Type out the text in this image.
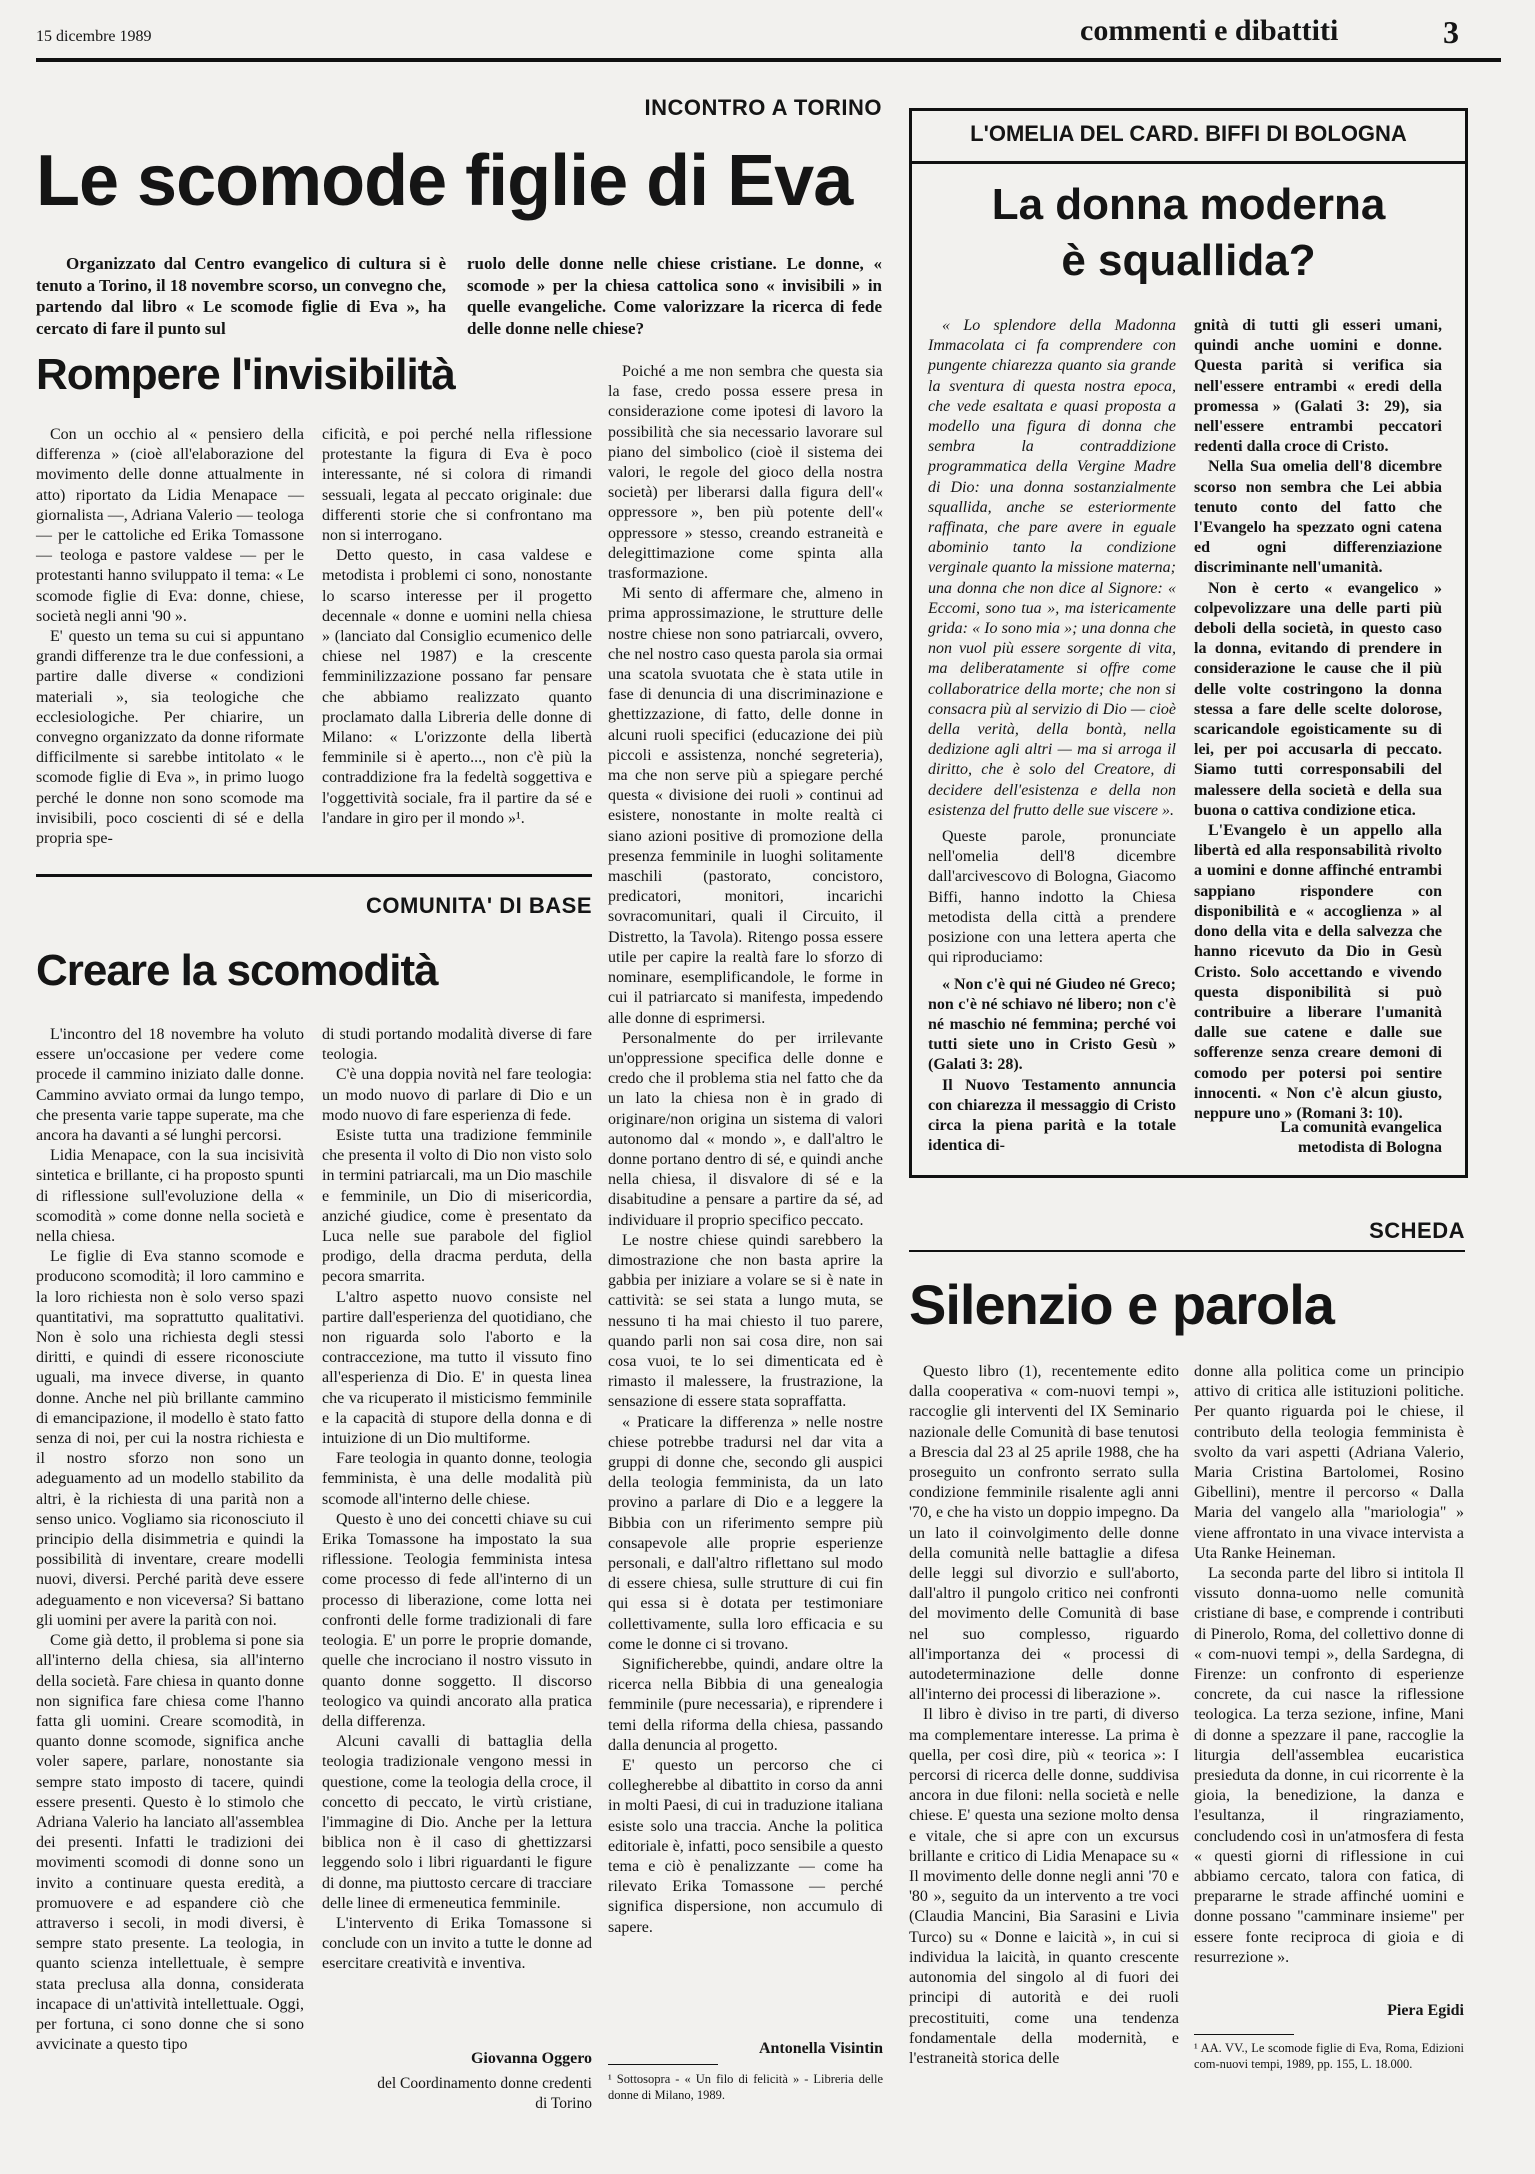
15 dicembre 1989	commenti e dibattiti	3
INCONTRO A TORINO
Le scomode figlie di Eva
Organizzato dal Centro evangelico di cultura si è tenuto a Torino, il 18 novembre scorso, un convegno che, partendo dal libro « Le scomode figlie di Eva », ha cercato di fare il punto sul
ruolo delle donne nelle chiese cristiane. Le donne, « scomode » per la chiesa cattolica sono « invisibili » in quelle evangeliche. Come valorizzare la ricerca di fede delle donne nelle chiese?
Rompere l'invisibilità

Con un occhio al « pensiero della differenza » (cioè all'elaborazione del movimento delle donne attualmente in atto) riportato da Lidia Menapace — giornalista —, Adriana Valerio — teologa — per le cattoliche ed Erika Tomassone — teologa e pastore valdese — per le protestanti hanno sviluppato il tema: « Le scomode figlie di Eva: donne, chiese, società negli anni '90 ».

E' questo un tema su cui si appuntano grandi differenze tra le due confessioni, a partire dalle diverse « condizioni materiali », sia teologiche che ecclesiologiche. Per chiarire, un convegno organizzato da donne riformate difficilmente si sarebbe intitolato « le scomode figlie di Eva », in primo luogo perché le donne non sono scomode ma invisibili, poco coscienti di sé e della propria spe-

cificità, e poi perché nella riflessione protestante la figura di Eva è poco interessante, né si colora di rimandi sessuali, legata al peccato originale: due differenti storie che si confrontano ma non si interrogano.

Detto questo, in casa valdese e metodista i problemi ci sono, nonostante lo scarso interesse per il progetto decennale « donne e uomini nella chiesa » (lanciato dal Consiglio ecumenico delle chiese nel 1987) e la crescente femminilizzazione possano far pensare che abbiamo realizzato quanto proclamato dalla Libreria delle donne di Milano: « L'orizzonte della libertà femminile si è aperto..., non c'è più la contraddizione fra la fedeltà soggettiva e l'oggettività sociale, fra il partire da sé e l'andare in giro per il mondo »¹.

Poiché a me non sembra che questa sia la fase, credo possa essere presa in considerazione come ipotesi di lavoro la possibilità che sia necessario lavorare sul piano del simbolico (cioè il sistema dei valori, le regole del gioco della nostra società) per liberarsi dalla figura dell'« oppressore », ben più potente dell'« oppressore » stesso, creando estraneità e delegittimazione come spinta alla trasformazione.

Mi sento di affermare che, almeno in prima approssimazione, le strutture delle nostre chiese non sono patriarcali, ovvero, che nel nostro caso questa parola sia ormai una scatola svuotata che è stata utile in fase di denuncia di una discriminazione e ghettizzazione, di fatto, delle donne in alcuni ruoli specifici (educazione dei più piccoli e assistenza, nonché segreteria), ma che non serve più a spiegare perché questa « divisione dei ruoli » continui ad esistere, nonostante in molte realtà ci siano azioni positive di promozione della presenza femminile in luoghi solitamente maschili (pastorato, concistoro, predicatori, monitori, incarichi sovracomunitari, quali il Circuito, il Distretto, la Tavola). Ritengo possa essere utile per capire la realtà fare lo sforzo di nominare, esemplificandole, le forme in cui il patriarcato si manifesta, impedendo alle donne di esprimersi.

Personalmente do per irrilevante un'oppressione specifica delle donne e credo che il problema stia nel fatto che da un lato la chiesa non è in grado di originare/non origina un sistema di valori autonomo dal « mondo », e dall'altro le donne portano dentro di sé, e quindi anche nella chiesa, il disvalore di sé e la disabitudine a pensare a partire da sé, ad individuare il proprio specifico peccato.

Le nostre chiese quindi sarebbero la dimostrazione che non basta aprire la gabbia per iniziare a volare se si è nate in cattività: se sei stata a lungo muta, se nessuno ti ha mai chiesto il tuo parere, quando parli non sai cosa dire, non sai cosa vuoi, te lo sei dimenticata ed è rimasto il malessere, la frustrazione, la sensazione di essere stata sopraffatta.

« Praticare la differenza » nelle nostre chiese potrebbe tradursi nel dar vita a gruppi di donne che, secondo gli auspici della teologia femminista, da un lato provino a parlare di Dio e a leggere la Bibbia con un riferimento sempre più consapevole alle proprie esperienze personali, e dall'altro riflettano sul modo di essere chiesa, sulle strutture di cui fin qui essa si è dotata per testimoniare collettivamente, sulla loro efficacia e su come le donne ci si trovano.

Significherebbe, quindi, andare oltre la ricerca nella Bibbia di una genealogia femminile (pure necessaria), e riprendere i temi della riforma della chiesa, passando dalla denuncia al progetto.

E' questo un percorso che ci collegherebbe al dibattito in corso da anni in molti Paesi, di cui in traduzione italiana esiste solo una traccia. Anche la politica editoriale è, infatti, poco sensibile a questo tema e ciò è penalizzante — come ha rilevato Erika Tomassone — perché significa dispersione, non accumulo di sapere.

Antonella Visintin
¹ Sottosopra - « Un filo di felicità » - Libreria delle donne di Milano, 1989.
COMUNITA' DI BASE
Creare la scomodità

L'incontro del 18 novembre ha voluto essere un'occasione per vedere come procede il cammino iniziato dalle donne. Cammino avviato ormai da lungo tempo, che presenta varie tappe superate, ma che ancora ha davanti a sé lunghi percorsi.

Lidia Menapace, con la sua incisività sintetica e brillante, ci ha proposto spunti di riflessione sull'evoluzione della « scomodità » come donne nella società e nella chiesa.

Le figlie di Eva stanno scomode e producono scomodità; il loro cammino e la loro richiesta non è solo verso spazi quantitativi, ma soprattutto qualitativi. Non è solo una richiesta degli stessi diritti, e quindi di essere riconosciute uguali, ma invece diverse, in quanto donne. Anche nel più brillante cammino di emancipazione, il modello è stato fatto senza di noi, per cui la nostra richiesta e il nostro sforzo non sono un adeguamento ad un modello stabilito da altri, è la richiesta di una parità non a senso unico. Vogliamo sia riconosciuto il principio della disimmetria e quindi la possibilità di inventare, creare modelli nuovi, diversi. Perché parità deve essere adeguamento e non viceversa? Si battano gli uomini per avere la parità con noi.

Come già detto, il problema si pone sia all'interno della chiesa, sia all'interno della società. Fare chiesa in quanto donne non significa fare chiesa come l'hanno fatta gli uomini. Creare scomodità, in quanto donne scomode, significa anche voler sapere, parlare, nonostante sia sempre stato imposto di tacere, quindi essere presenti. Questo è lo stimolo che Adriana Valerio ha lanciato all'assemblea dei presenti. Infatti le tradizioni dei movimenti scomodi di donne sono un invito a continuare questa eredità, a promuovere e ad espandere ciò che attraverso i secoli, in modi diversi, è sempre stato presente. La teologia, in quanto scienza intellettuale, è sempre stata preclusa alla donna, considerata incapace di un'attività intellettuale. Oggi, per fortuna, ci sono donne che si sono avvicinate a questo tipo

di studi portando modalità diverse di fare teologia.

C'è una doppia novità nel fare teologia: un modo nuovo di parlare di Dio e un modo nuovo di fare esperienza di fede.

Esiste tutta una tradizione femminile che presenta il volto di Dio non visto solo in termini patriarcali, ma un Dio maschile e femminile, un Dio di misericordia, anziché giudice, come è presentato da Luca nelle sue parabole del figliol prodigo, della dracma perduta, della pecora smarrita.

L'altro aspetto nuovo consiste nel partire dall'esperienza del quotidiano, che non riguarda solo l'aborto e la contraccezione, ma tutto il vissuto fino all'esperienza di Dio. E' in questa linea che va ricuperato il misticismo femminile e la capacità di stupore della donna e di intuizione di un Dio multiforme.

Fare teologia in quanto donne, teologia femminista, è una delle modalità più scomode all'interno delle chiese.

Questo è uno dei concetti chiave su cui Erika Tomassone ha impostato la sua riflessione. Teologia femminista intesa come processo di fede all'interno di un processo di liberazione, come lotta nei confronti delle forme tradizionali di fare teologia. E' un porre le proprie domande, quelle che incrociano il nostro vissuto in quanto donne soggetto. Il discorso teologico va quindi ancorato alla pratica della differenza.

Alcuni cavalli di battaglia della teologia tradizionale vengono messi in questione, come la teologia della croce, il concetto di peccato, le virtù cristiane, l'immagine di Dio. Anche per la lettura biblica non è il caso di ghettizzarsi leggendo solo i libri riguardanti le figure di donne, ma piuttosto cercare di tracciare delle linee di ermeneutica femminile.

L'intervento di Erika Tomassone si conclude con un invito a tutte le donne ad esercitare creatività e inventiva.

Giovanna Oggero
del Coordinamento donne credenti di Torino
L'OMELIA DEL CARD. BIFFI DI BOLOGNA
La donna moderna
è squallida?

« Lo splendore della Madonna Immacolata ci fa comprendere con pungente chiarezza quanto sia grande la sventura di questa nostra epoca, che vede esaltata e quasi proposta a modello una figura di donna che sembra la contraddizione programmatica della Vergine Madre di Dio: una donna sostanzialmente squallida, anche se esteriormente raffinata, che pare avere in eguale abominio tanto la condizione verginale quanto la missione materna; una donna che non dice al Signore: « Eccomi, sono tua », ma istericamente grida: « Io sono mia »; una donna che non vuol più essere sorgente di vita, ma deliberatamente si offre come collaboratrice della morte; che non si consacra più al servizio di Dio — cioè della verità, della bontà, nella dedizione agli altri — ma si arroga il diritto, che è solo del Creatore, di decidere dell'esistenza e della non esistenza del frutto delle sue viscere ».

Queste parole, pronunciate nell'omelia dell'8 dicembre dall'arcivescovo di Bologna, Giacomo Biffi, hanno indotto la Chiesa metodista della città a prendere posizione con una lettera aperta che qui riproduciamo:

« Non c'è qui né Giudeo né Greco; non c'è né schiavo né libero; non c'è né maschio né femmina; perché voi tutti siete uno in Cristo Gesù » (Galati 3: 28).

Il Nuovo Testamento annuncia con chiarezza il messaggio di Cristo circa la piena parità e la totale identica di-

gnità di tutti gli esseri umani, quindi anche uomini e donne. Questa parità si verifica sia nell'essere entrambi « eredi della promessa » (Galati 3: 29), sia nell'essere entrambi peccatori redenti dalla croce di Cristo.

Nella Sua omelia dell'8 dicembre scorso non sembra che Lei abbia tenuto conto del fatto che l'Evangelo ha spezzato ogni catena ed ogni differenziazione discriminante nell'umanità.

Non è certo « evangelico » colpevolizzare una delle parti più deboli della società, in questo caso la donna, evitando di prendere in considerazione le cause che il più delle volte costringono la donna stessa a fare delle scelte dolorose, scaricandole egoisticamente su di lei, per poi accusarla di peccato. Siamo tutti corresponsabili del malessere della società e della sua buona o cattiva condizione etica.

L'Evangelo è un appello alla libertà ed alla responsabilità rivolto a uomini e donne affinché entrambi sappiano rispondere con disponibilità e « accoglienza » al dono della vita e della salvezza che hanno ricevuto da Dio in Gesù Cristo. Solo accettando e vivendo questa disponibilità si può contribuire a liberare l'umanità dalle sue catene e dalle sue sofferenze senza creare demoni di comodo per potersi poi sentire innocenti. « Non c'è alcun giusto, neppure uno » (Romani 3: 10).

La comunità evangelica metodista di Bologna
SCHEDA
Silenzio e parola

Questo libro (1), recentemente edito dalla cooperativa « com-nuovi tempi », raccoglie gli interventi del IX Seminario nazionale delle Comunità di base tenutosi a Brescia dal 23 al 25 aprile 1988, che ha proseguito un confronto serrato sulla condizione femminile risalente agli anni '70, e che ha visto un doppio impegno. Da un lato il coinvolgimento delle donne della comunità nelle battaglie a difesa delle leggi sul divorzio e sull'aborto, dall'altro il pungolo critico nei confronti del movimento delle Comunità di base nel suo complesso, riguardo all'importanza dei « processi di autodeterminazione delle donne all'interno dei processi di liberazione ».

Il libro è diviso in tre parti, di diverso ma complementare interesse. La prima è quella, per così dire, più « teorica »: I percorsi di ricerca delle donne, suddivisa ancora in due filoni: nella società e nelle chiese. E' questa una sezione molto densa e vitale, che si apre con un excursus brillante e critico di Lidia Menapace su « Il movimento delle donne negli anni '70 e '80 », seguito da un intervento a tre voci (Claudia Mancini, Bia Sarasini e Livia Turco) su « Donne e laicità », in cui si individua la laicità, in quanto crescente autonomia del singolo al di fuori dei principi di autorità e dei ruoli precostituiti, come una tendenza fondamentale della modernità, e l'estraneità storica delle

donne alla politica come un principio attivo di critica alle istituzioni politiche. Per quanto riguarda poi le chiese, il contributo della teologia femminista è svolto da vari aspetti (Adriana Valerio, Maria Cristina Bartolomei, Rosino Gibellini), mentre il percorso « Dalla Maria del vangelo alla "mariologia" » viene affrontato in una vivace intervista a Uta Ranke Heineman.

La seconda parte del libro si intitola Il vissuto donna-uomo nelle comunità cristiane di base, e comprende i contributi di Pinerolo, Roma, del collettivo donne di « com-nuovi tempi », della Sardegna, di Firenze: un confronto di esperienze concrete, da cui nasce la riflessione teologica. La terza sezione, infine, Mani di donne a spezzare il pane, raccoglie la liturgia dell'assemblea eucaristica presieduta da donne, in cui ricorrente è la gioia, la benedizione, la danza e l'esultanza, il ringraziamento, concludendo così in un'atmosfera di festa « questi giorni di riflessione in cui abbiamo cercato, talora con fatica, di prepararne le strade affinché uomini e donne possano "camminare insieme" per essere fonte reciproca di gioia e di resurrezione ».

Piera Egidi
¹ AA. VV., Le scomode figlie di Eva, Roma, Edizioni com-nuovi tempi, 1989, pp. 155, L. 18.000.
